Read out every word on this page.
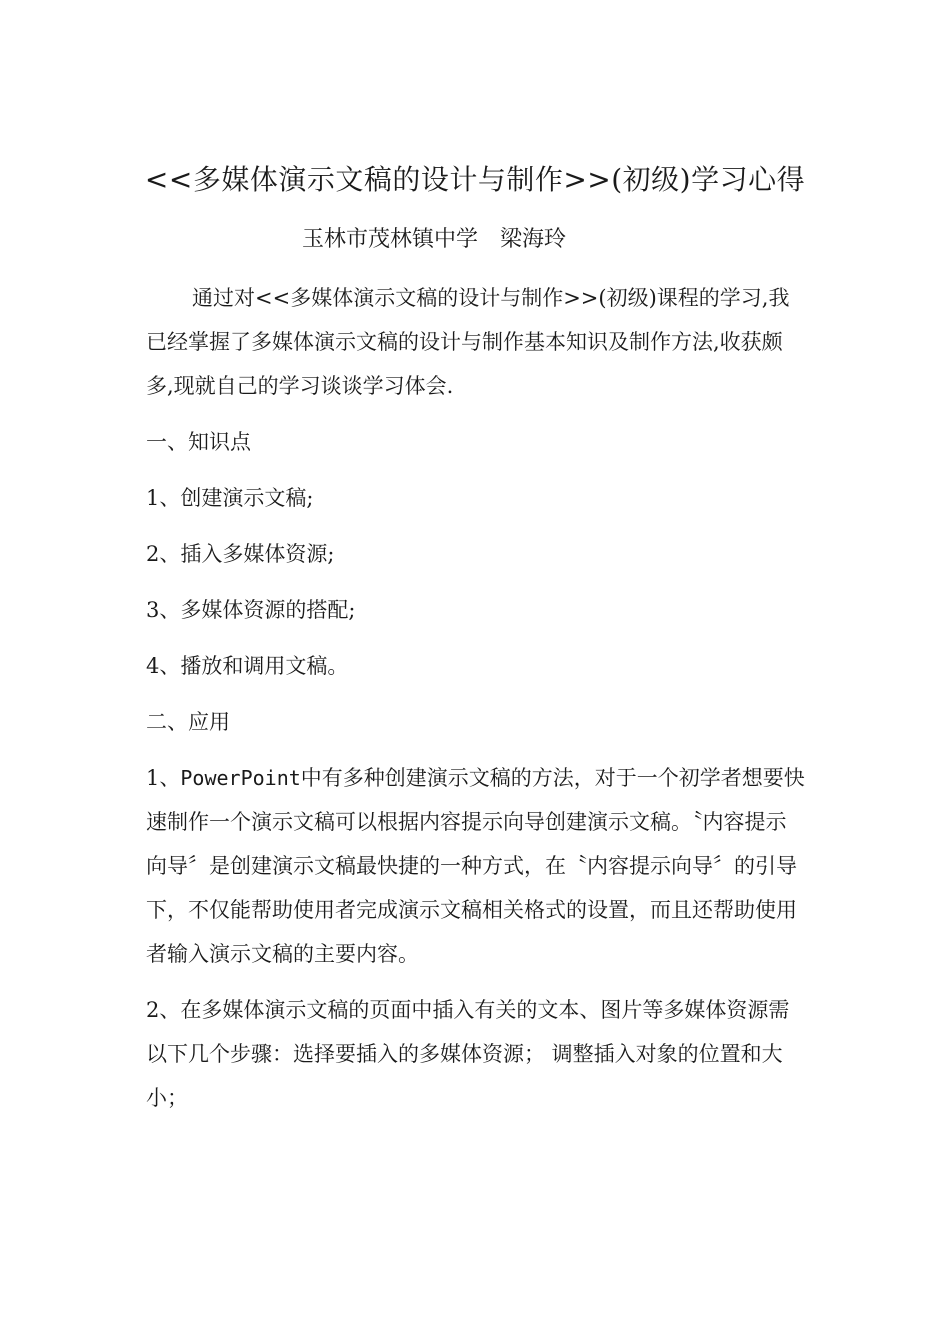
<<多媒体演示文稿的设计与制作>>(初级)学习心得
玉林市茂林镇中学 梁海玲

通过对<<多媒体演示文稿的设计与制作>>(初级)课程的学习,我已经掌握了多媒体演示文稿的设计与制作基本知识及制作方法,收获颇多,现就自己的学习谈谈学习体会.

一、知识点

1、创建演示文稿;

2、插入多媒体资源;

3、多媒体资源的搭配;

4、播放和调用文稿。

二、应用

1、PowerPoint中有多种创建演示文稿的方法，对于一个初学者想要快速制作一个演示文稿可以根据内容提示向导创建演示文稿。〝内容提示向导〞是创建演示文稿最快捷的一种方式，在〝内容提示向导〞的引导下，不仅能帮助使用者完成演示文稿相关格式的设置，而且还帮助使用者输入演示文稿的主要内容。

2、在多媒体演示文稿的页面中插入有关的文本、图片等多媒体资源需以下几个步骤：选择要插入的多媒体资源； 调整插入对象的位置和大小；
